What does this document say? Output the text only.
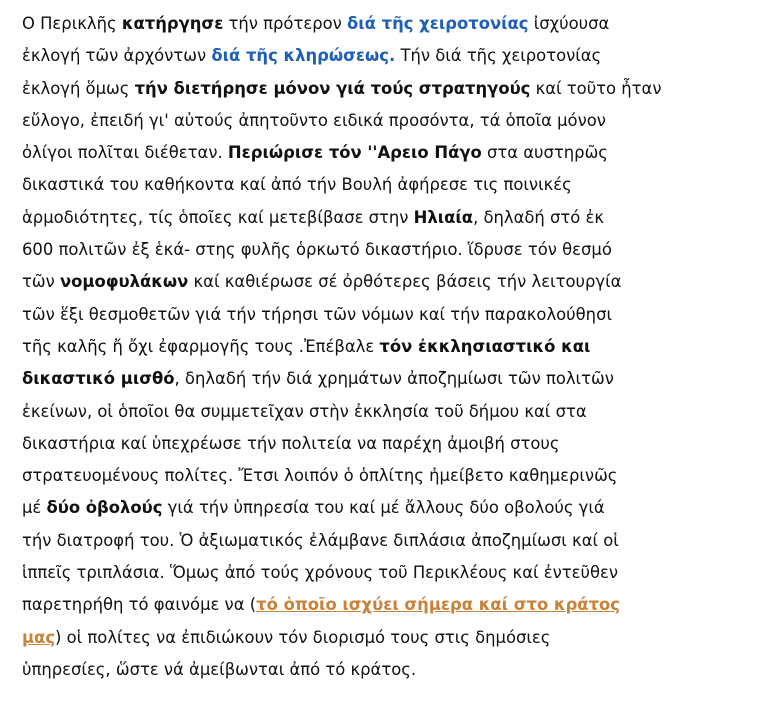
Ο Περικλῆς κατήργησε τήν πρότερον διά τῆς χειροτονίας ἰσχύουσα
ἐκλογή τῶν ἀρχόντων διά τῆς κληρώσεως. Τήν διά τῆς χειροτονίας
ἐκλογή ὅμως τήν διετήρησε μόνον γιά τούς στρατηγούς καί τοῦτο ἦταν
εὔλογο, ἐπειδή γι' αὐτούς ἀπητοῦντο ειδικά προσόντα, τά ὁποῖα μόνον
ὀλίγοι πολῖται διέθεταν. Περιώρισε τόν ''Αρειο Πάγο στα αυστηρῶς
δικαστικά του καθήκοντα καί ἀπό τήν Βουλή ἀφήρεσε τις ποινικές
ἁρμοδιότητες, τίς ὁποῖες καί μετεβίβασε στην Ηλιαία, δηλαδή στό ἐκ
600 πολιτῶν ἐξ ἑκά- στης φυλῆς ὁρκωτό δικαστήριο. ἵδρυσε τόν θεσμό
τῶν νομοφυλάκων καί καθιέρωσε σέ ὀρθότερες βάσεις τήν λειτουργία
τῶν ἕξι θεσμοθετῶν γιά τήν τήρησι τῶν νόμων καί τήν παρακολούθησι
τῆς καλῆς ἤ ὄχι ἐφαρμογῆς τους .Ἐπέβαλε τόν ἐκκλησιαστικό και
δικαστικό μισθό, δηλαδή τήν διά χρημάτων ἀποζημίωσι τῶν πολιτῶν
ἐκείνων, οἱ ὁποῖοι θα συμμετεῖχαν στὴν ἐκκλησία τοῦ δήμου καί στα
δικαστήρια καί ὑπεχρέωσε τήν πολιτεία να παρέχη ἀμοιβή στους
στρατευομένους πολίτες. Ἔτσι λοιπόν ὁ ὁπλίτης ἠμείβετο καθημερινῶς
μέ δύο ὀβολούς γιά τήν ὑπηρεσία του καί μέ ἄλλους δύο οβολούς γιά
τήν διατροφή του. Ὁ ἀξιωματικός ἐλάμβανε διπλάσια ἀποζημίωσι καί οἱ
ἱππεῖς τριπλάσια. Ὅμως ἀπό τούς χρόνους τοῦ Περικλέους καί ἐντεῦθεν
παρετηρήθη τό φαινόμε να (τό ὁποῖο ισχύει σήμερα καί στο κράτος
μας) οἱ πολίτες να ἐπιδιώκουν τόν διορισμό τους στις δημόσιες
ὑπηρεσίες, ὥστε νά ἀμείβωνται ἀπό τό κράτος.
